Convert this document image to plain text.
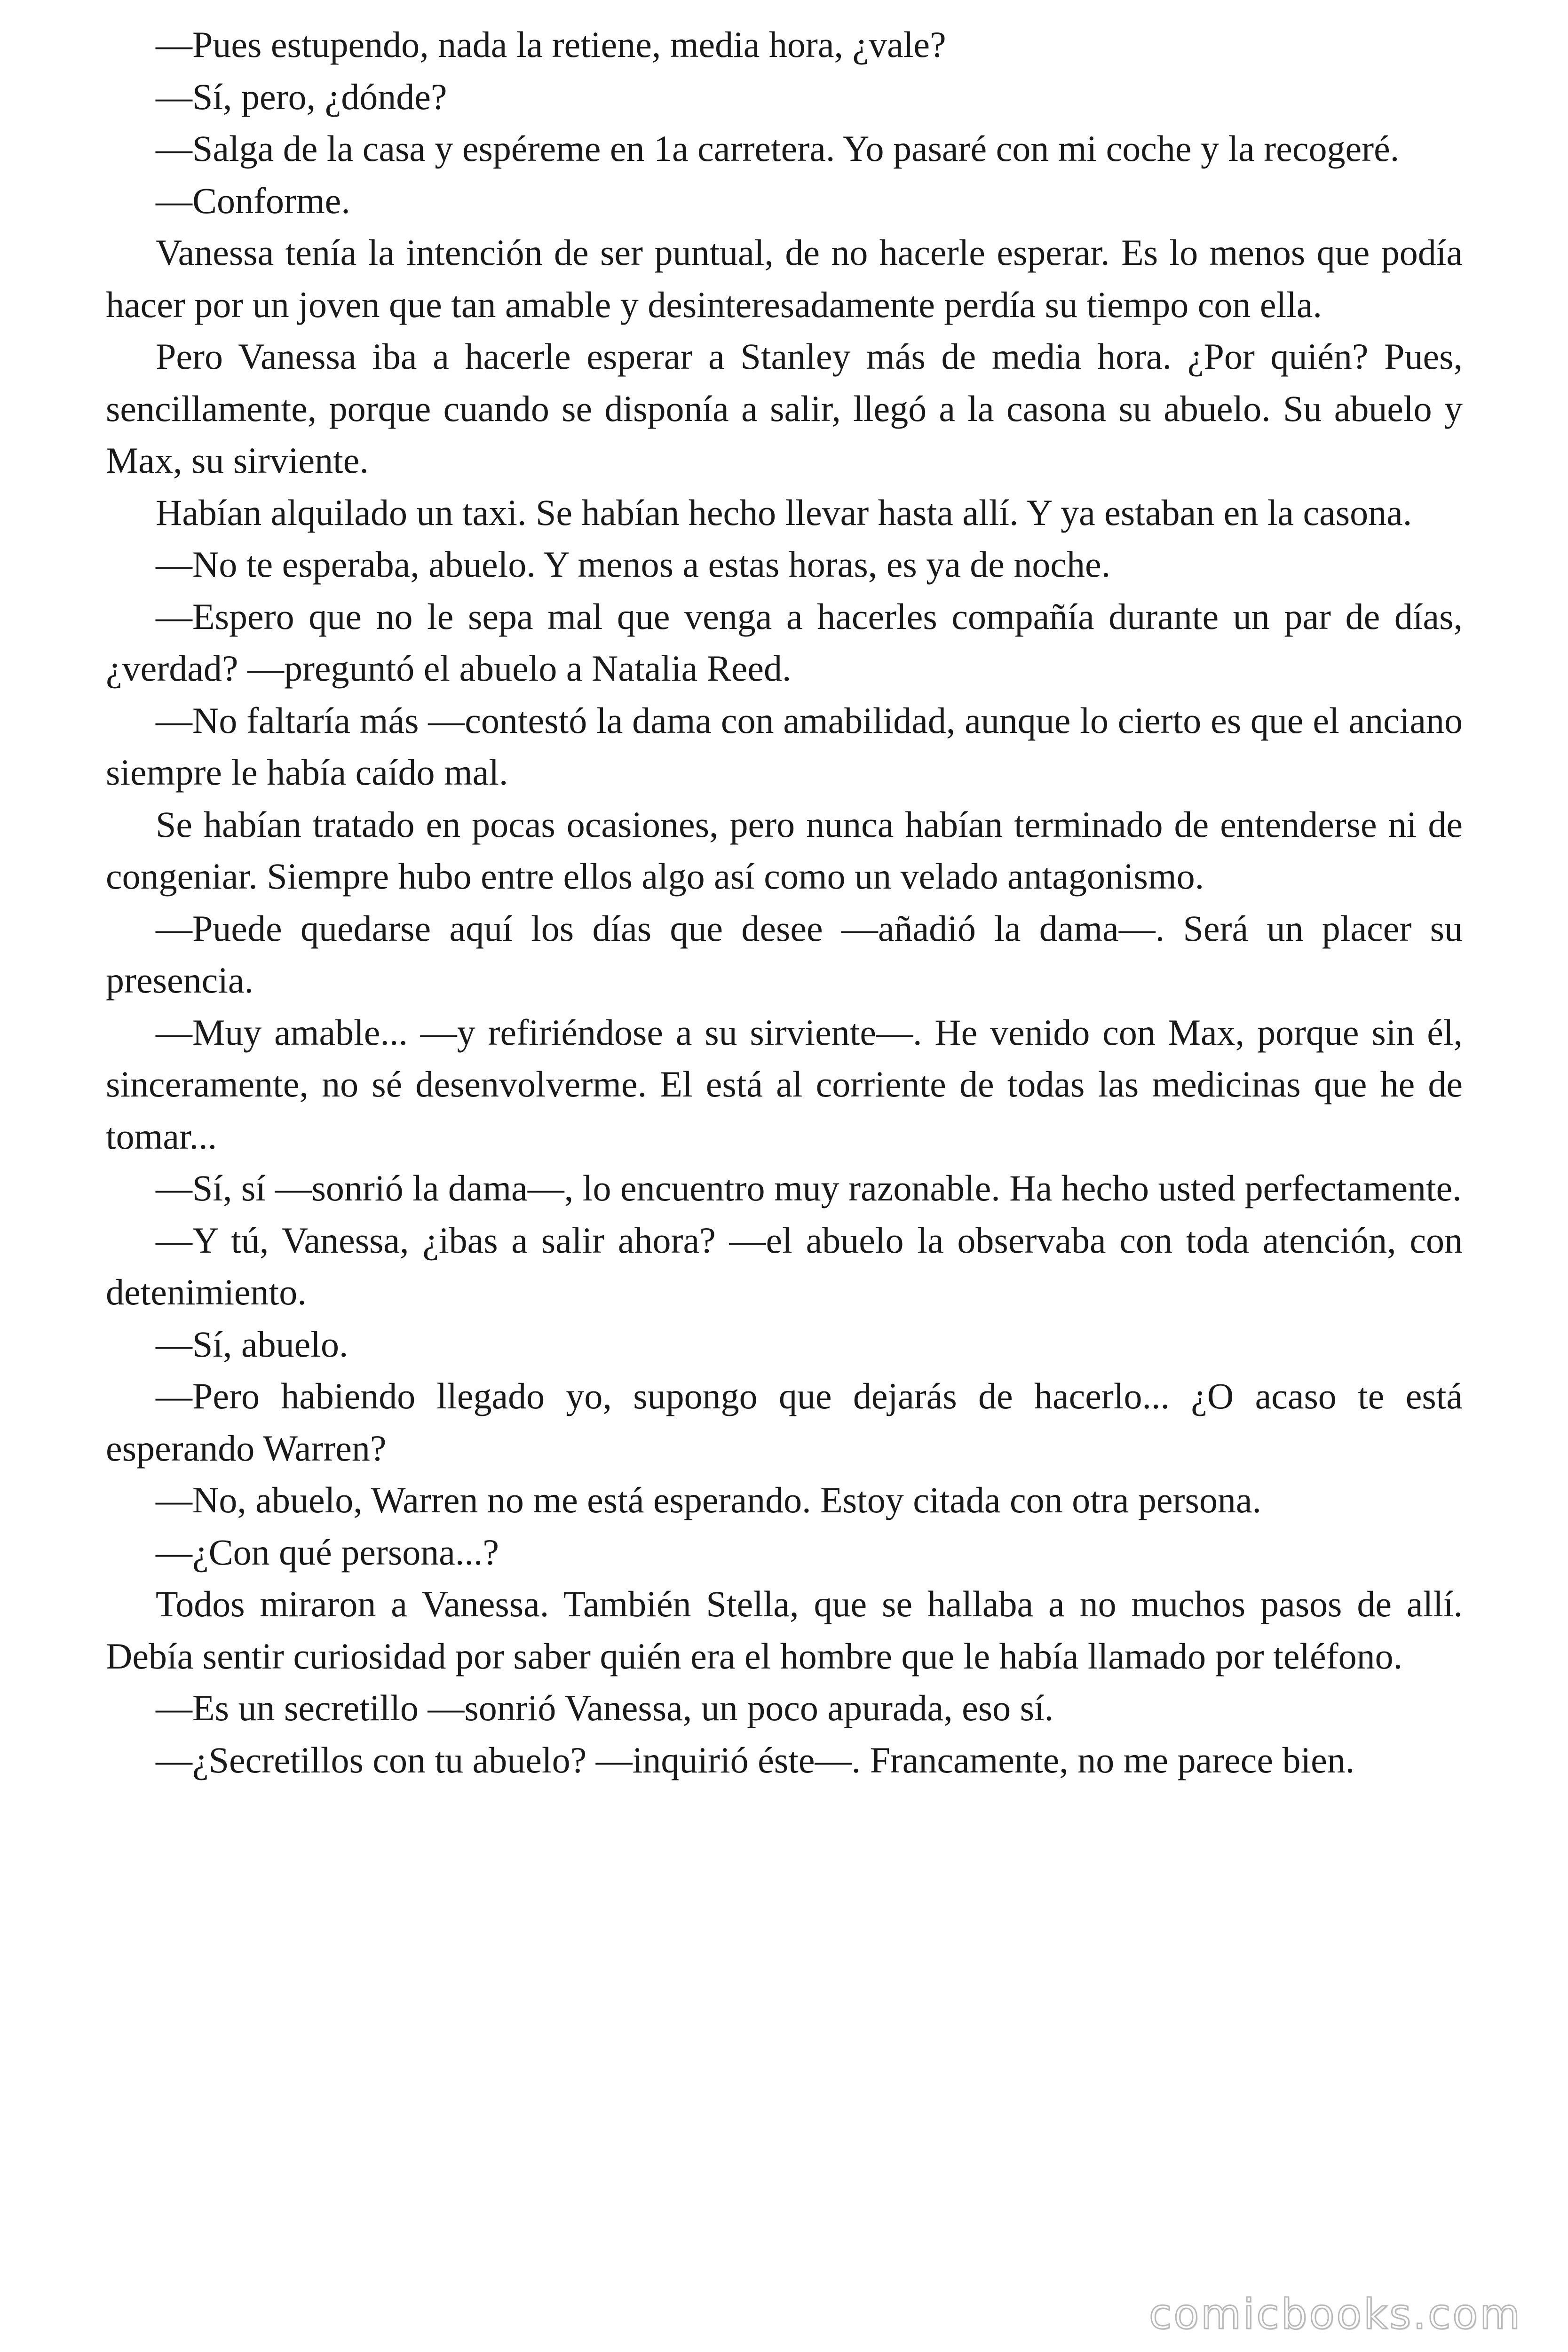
—Pues estupendo, nada la retiene, media hora, ¿vale?

—Sí, pero, ¿dónde?

—Salga de la casa y espéreme en 1a carretera. Yo pasaré con mi coche y la recogeré.

—Conforme.

Vanessa tenía la intención de ser puntual, de no hacerle esperar. Es lo menos que podía hacer por un joven que tan amable y desinteresadamente perdía su tiempo con ella.

Pero Vanessa iba a hacerle esperar a Stanley más de media hora. ¿Por quién? Pues, sencillamente, porque cuando se disponía a salir, llegó a la casona su abuelo. Su abuelo y Max, su sirviente.

Habían alquilado un taxi. Se habían hecho llevar hasta allí. Y ya estaban en la casona.

—No te esperaba, abuelo. Y menos a estas horas, es ya de noche.

—Espero que no le sepa mal que venga a hacerles compañía durante un par de días, ¿verdad? —preguntó el abuelo a Natalia Reed.

—No faltaría más —contestó la dama con amabilidad, aunque lo cierto es que el anciano siempre le había caído mal.

Se habían tratado en pocas ocasiones, pero nunca habían terminado de entenderse ni de congeniar. Siempre hubo entre ellos algo así como un velado antagonismo.

—Puede quedarse aquí los días que desee —añadió la dama—. Será un placer su presencia.

—Muy amable... —y refiriéndose a su sirviente—. He venido con Max, porque sin él, sinceramente, no sé desenvolverme. El está al corriente de todas las medicinas que he de tomar...

—Sí, sí —sonrió la dama—, lo encuentro muy razonable. Ha hecho usted perfectamente.

—Y tú, Vanessa, ¿ibas a salir ahora? —el abuelo la observaba con toda atención, con detenimiento.

—Sí, abuelo.

—Pero habiendo llegado yo, supongo que dejarás de hacerlo... ¿O acaso te está esperando Warren?

—No, abuelo, Warren no me está esperando. Estoy citada con otra persona.

—¿Con qué persona...?

Todos miraron a Vanessa. También Stella, que se hallaba a no muchos pasos de allí. Debía sentir curiosidad por saber quién era el hombre que le había llamado por teléfono.

—Es un secretillo —sonrió Vanessa, un poco apurada, eso sí.

—¿Secretillos con tu abuelo? —inquirió éste—. Francamente, no me parece bien.

comicbooks.com
